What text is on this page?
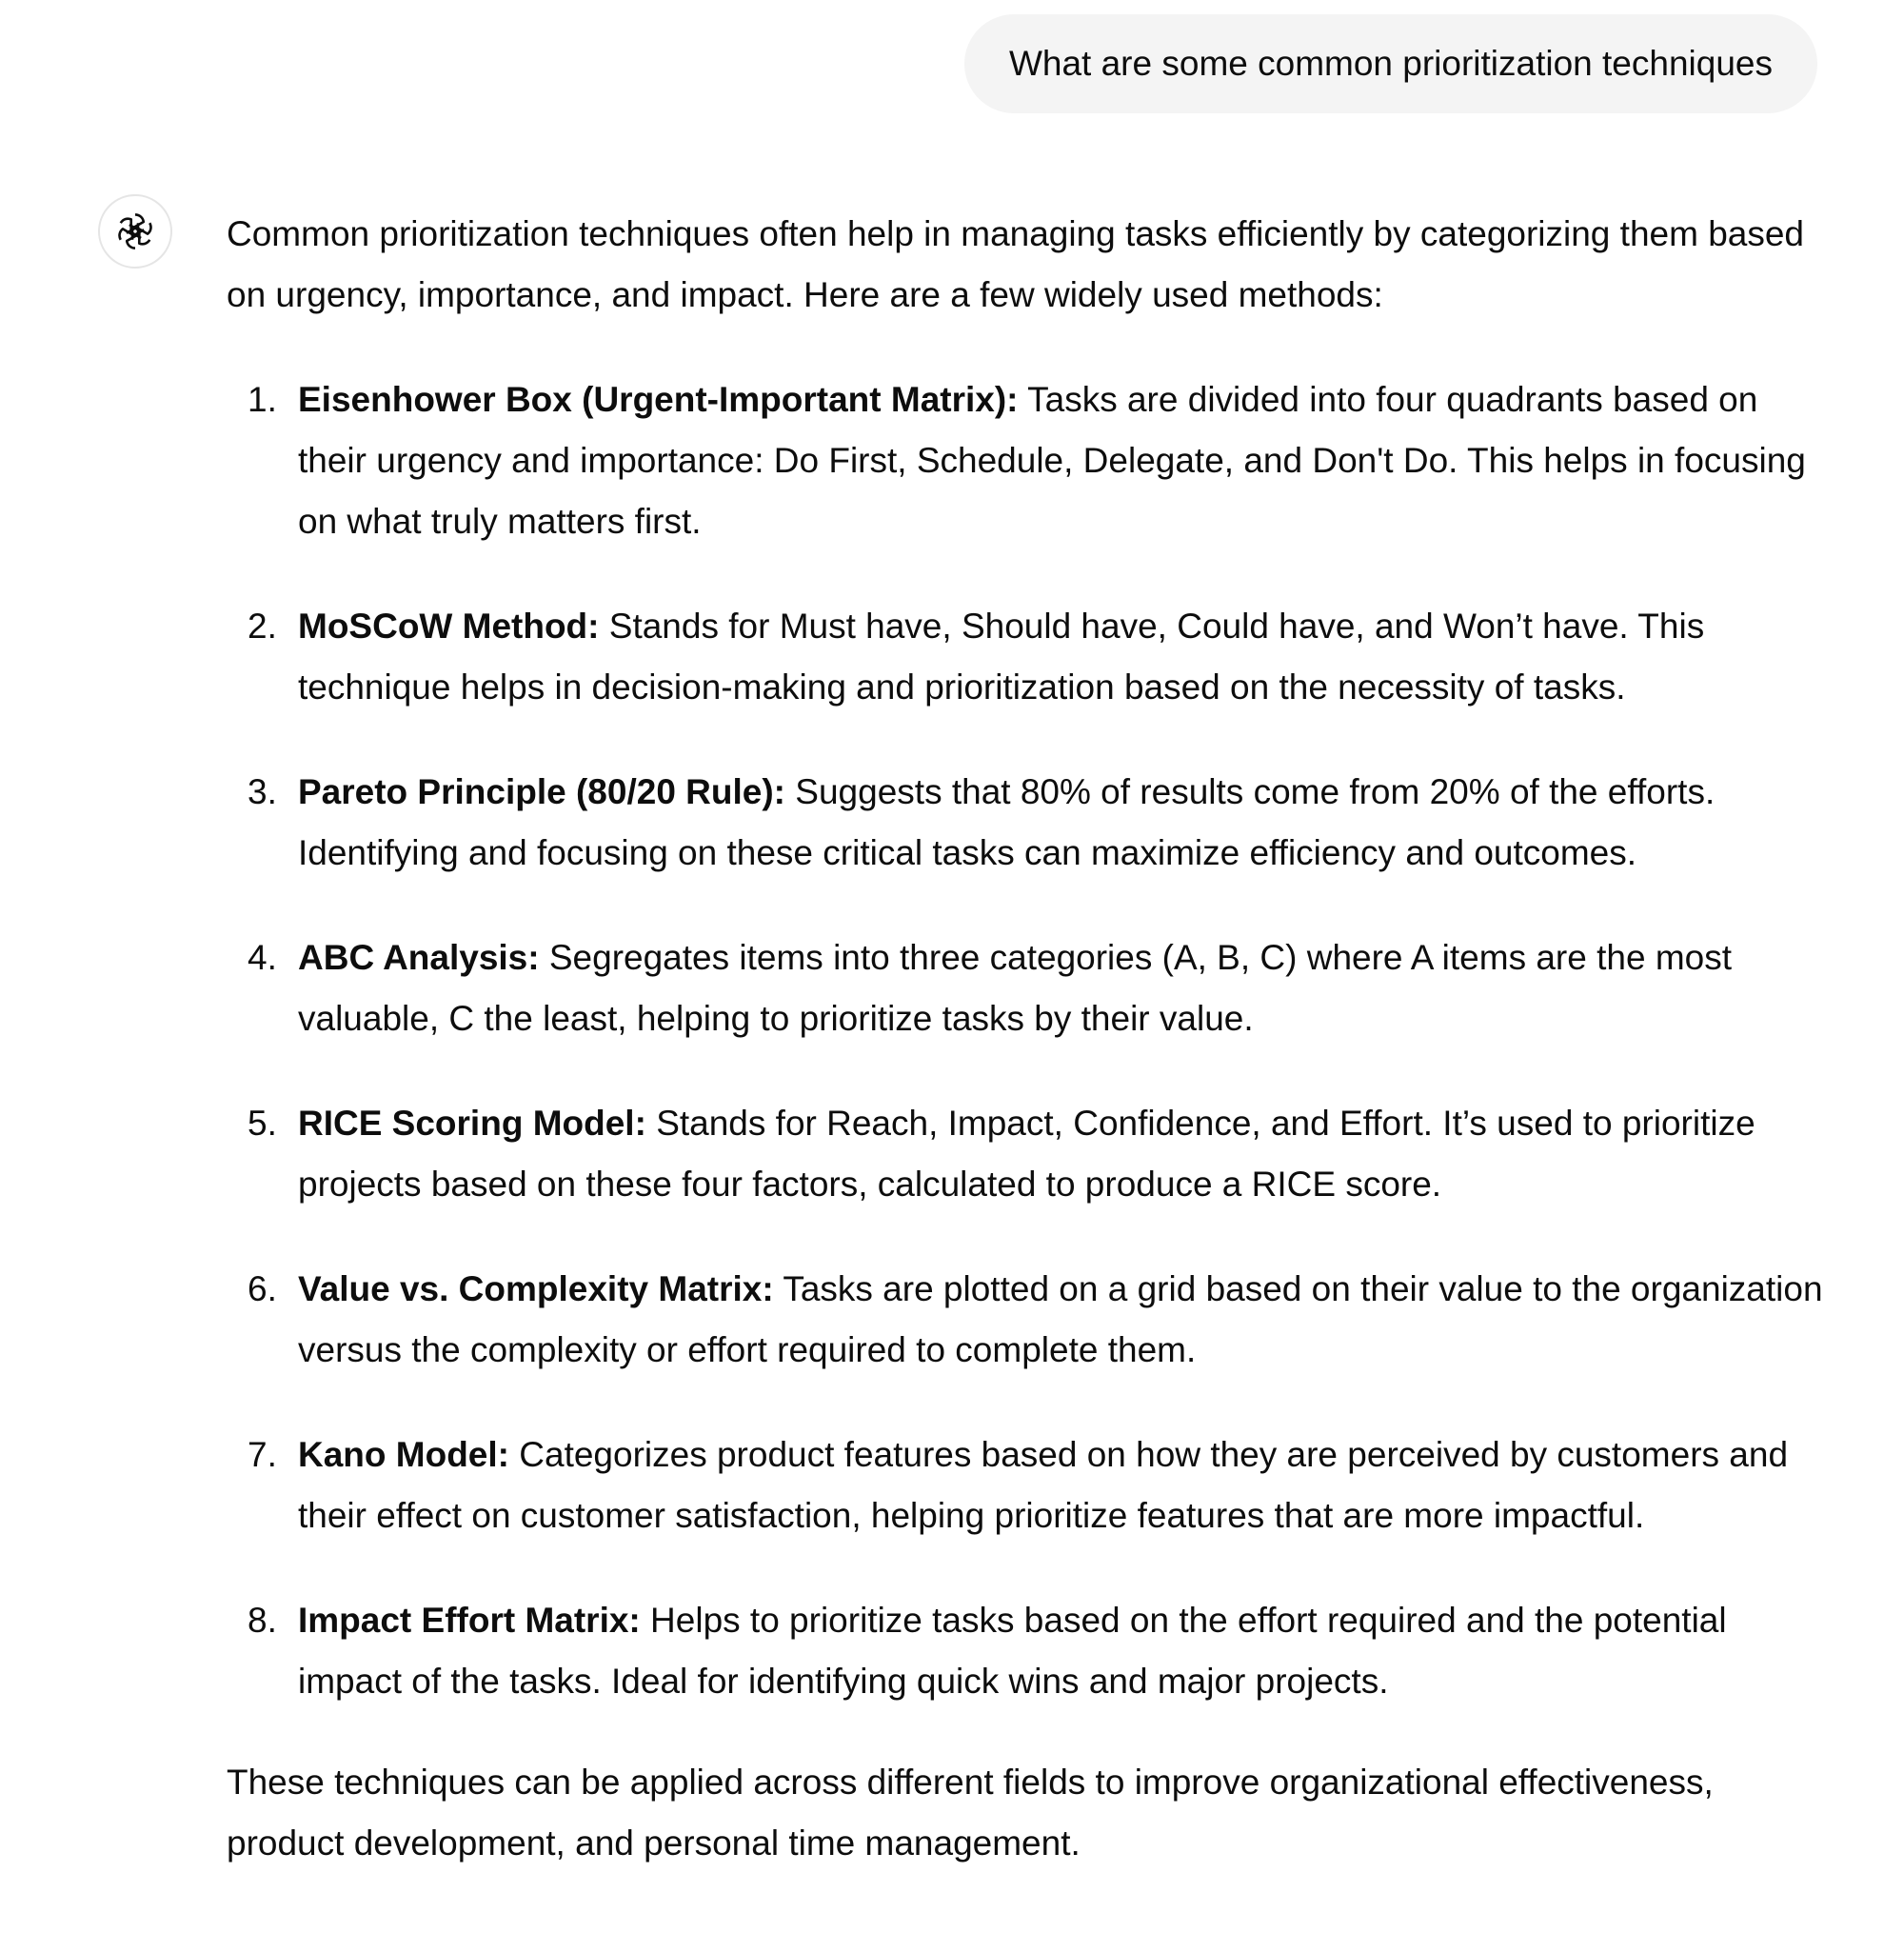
What are some common prioritization techniques

Common prioritization techniques often help in managing tasks efficiently by categorizing them based on urgency, importance, and impact. Here are a few widely used methods:

1. Eisenhower Box (Urgent-Important Matrix): Tasks are divided into four quadrants based on their urgency and importance: Do First, Schedule, Delegate, and Don't Do. This helps in focusing on what truly matters first.
2. MoSCoW Method: Stands for Must have, Should have, Could have, and Won’t have. This technique helps in decision-making and prioritization based on the necessity of tasks.
3. Pareto Principle (80/20 Rule): Suggests that 80% of results come from 20% of the efforts. Identifying and focusing on these critical tasks can maximize efficiency and outcomes.
4. ABC Analysis: Segregates items into three categories (A, B, C) where A items are the most valuable, C the least, helping to prioritize tasks by their value.
5. RICE Scoring Model: Stands for Reach, Impact, Confidence, and Effort. It’s used to prioritize projects based on these four factors, calculated to produce a RICE score.
6. Value vs. Complexity Matrix: Tasks are plotted on a grid based on their value to the organization versus the complexity or effort required to complete them.
7. Kano Model: Categorizes product features based on how they are perceived by customers and their effect on customer satisfaction, helping prioritize features that are more impactful.
8. Impact Effort Matrix: Helps to prioritize tasks based on the effort required and the potential impact of the tasks. Ideal for identifying quick wins and major projects.

These techniques can be applied across different fields to improve organizational effectiveness, product development, and personal time management.
